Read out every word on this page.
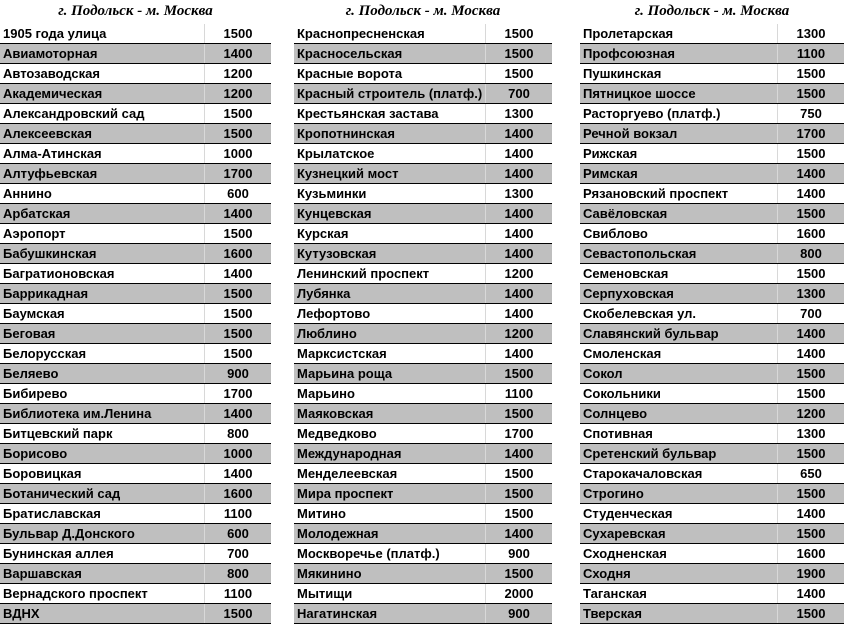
г. Подольск - м. Москва
1905 года улица	1500
Авиамоторная	1400
Автозаводская	1200
Академическая	1200
Александровский сад	1500
Алексеевская	1500
Алма-Атинская	1000
Алтуфьевская	1700
Аннино	600
Арбатская	1400
Аэропорт	1500
Бабушкинская	1600
Багратионовская	1400
Баррикадная	1500
Баумская	1500
Беговая	1500
Белорусская	1500
Беляево	900
Бибирево	1700
Библиотека им.Ленина	1400
Битцевский парк	800
Борисово	1000
Боровицкая	1400
Ботанический сад	1600
Братиславская	1100
Бульвар Д.Донского	600
Бунинская аллея	700
Варшавская	800
Вернадского проспект	1100
ВДНХ	1500
г. Подольск - м. Москва
Краснопресненская	1500
Красносельская	1500
Красные ворота	1500
Красный строитель (платф.)	700
Крестьянская застава	1300
Кропотнинская	1400
Крылатское	1400
Кузнецкий мост	1400
Кузьминки	1300
Кунцевская	1400
Курская	1400
Кутузовская	1400
Ленинский проспект	1200
Лубянка	1400
Лефортово	1400
Люблино	1200
Марксистская	1400
Марьина роща	1500
Марьино	1100
Маяковская	1500
Медведково	1700
Международная	1400
Менделеевская	1500
Мира проспект	1500
Митино	1500
Молодежная	1400
Москворечье (платф.)	900
Мякинино	1500
Мытищи	2000
Нагатинская	900
г. Подольск - м. Москва
Пролетарская	1300
Профсоюзная	1100
Пушкинская	1500
Пятницкое шоссе	1500
Расторгуево (платф.)	750
Речной вокзал	1700
Рижская	1500
Римская	1400
Рязановский проспект	1400
Савёловская	1500
Свиблово	1600
Севастопольская	800
Семеновская	1500
Серпуховская	1300
Скобелевская ул.	700
Славянский бульвар	1400
Смоленская	1400
Сокол	1500
Сокольники	1500
Солнцево	1200
Спотивная	1300
Сретенский бульвар	1500
Старокачаловская	650
Строгино	1500
Студенческая	1400
Сухаревская	1500
Сходненская	1600
Сходня	1900
Таганская	1400
Тверская	1500
